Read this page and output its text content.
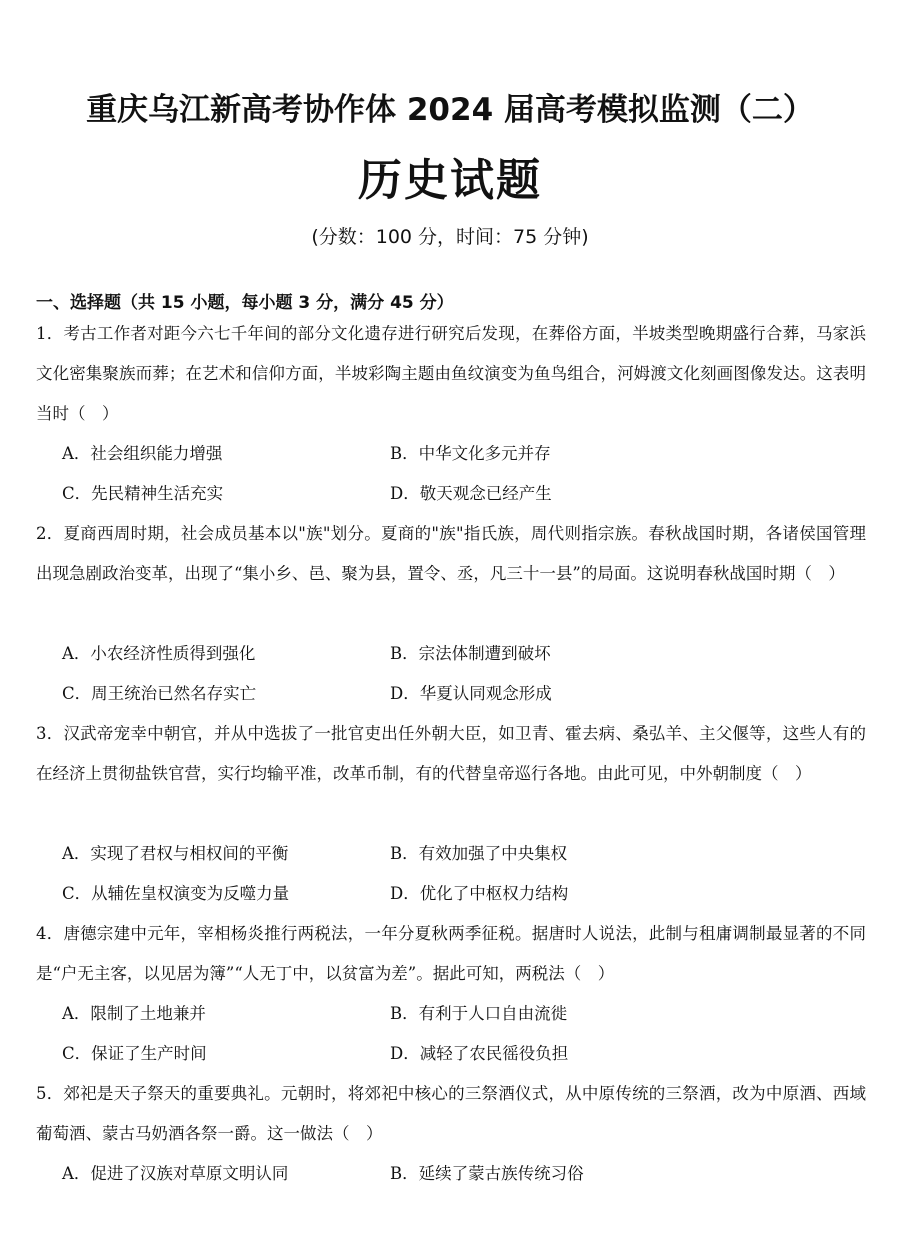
重庆乌江新高考协作体 2024 届高考模拟监测（二）
历史试题
(分数：100 分，时间：75 分钟)
一、选择题（共 15 小题，每小题 3 分，满分 45 分）
1．考古工作者对距今六七千年间的部分文化遗存进行研究后发现，在葬俗方面，半坡类型晚期盛行合葬，马家浜文化密集聚族而葬；在艺术和信仰方面，半坡彩陶主题由鱼纹演变为鱼鸟组合，河姆渡文化刻画图像发达。这表明当时（　）
A．社会组织能力增强	B．中华文化多元并存
C．先民精神生活充实	D．敬天观念已经产生
2．夏商西周时期，社会成员基本以"族"划分。夏商的"族"指氏族，周代则指宗族。春秋战国时期，各诸侯国管理出现急剧政治变革，出现了“集小乡、邑、聚为县，置令、丞，凡三十一县”的局面。这说明春秋战国时期（　）
A．小农经济性质得到强化	B．宗法体制遭到破坏
C．周王统治已然名存实亡	D．华夏认同观念形成
3．汉武帝宠幸中朝官，并从中选拔了一批官吏出任外朝大臣，如卫青、霍去病、桑弘羊、主父偃等，这些人有的在经济上贯彻盐铁官营，实行均输平准，改革币制，有的代替皇帝巡行各地。由此可见，中外朝制度（　）
A．实现了君权与相权间的平衡	B．有效加强了中央集权
C．从辅佐皇权演变为反噬力量	D．优化了中枢权力结构
4．唐德宗建中元年，宰相杨炎推行两税法，一年分夏秋两季征税。据唐时人说法，此制与租庸调制最显著的不同是“户无主客，以见居为簿”“人无丁中，以贫富为差”。据此可知，两税法（　）
A．限制了土地兼并	B．有利于人口自由流徙
C．保证了生产时间	D．减轻了农民徭役负担
5．郊祀是天子祭天的重要典礼。元朝时，将郊祀中核心的三祭酒仪式，从中原传统的三祭酒，改为中原酒、西域葡萄酒、蒙古马奶酒各祭一爵。这一做法（　）
A．促进了汉族对草原文明认同	B．延续了蒙古族传统习俗
